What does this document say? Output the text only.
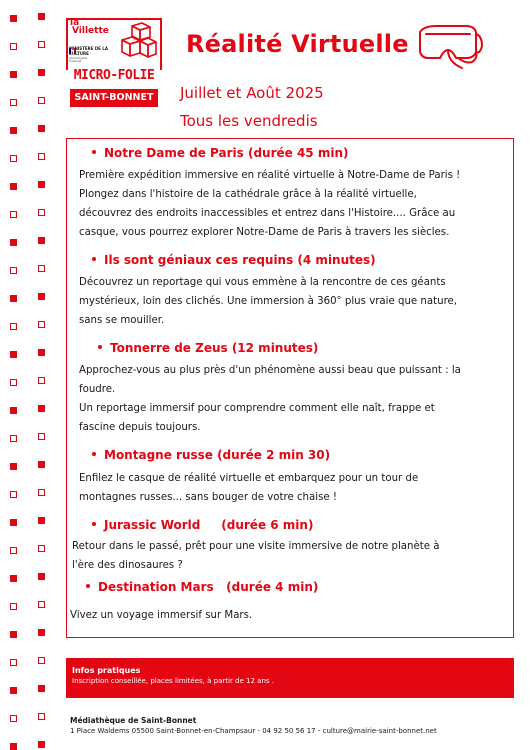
la
Villette
MINISTÈRE DE LA CULTURE
Liberté Égalité Fraternité
MICRO-FOLIE
SAINT-BONNET
Réalité Virtuelle
Juillet et Août 2025
Tous les vendredis
Notre Dame de Paris (durée 45 min)
Première expédition immersive en réalité virtuelle à Notre-Dame de Paris !
Plongez dans l'histoire de la cathédrale grâce à la réalité virtuelle,
découvrez des endroits inaccessibles et entrez dans l'Histoire.... Grâce au
casque, vous pourrez explorer Notre-Dame de Paris à travers les siècles.
Ils sont géniaux ces requins (4 minutes)
Découvrez un reportage qui vous emmène à la rencontre de ces géants
mystérieux, loin des clichés. Une immersion à 360° plus vraie que nature,
sans se mouiller.
Tonnerre de Zeus (12 minutes)
Approchez-vous au plus près d'un phénomène aussi beau que puissant : la
foudre.
Un reportage immersif pour comprendre comment elle naît, frappe et
fascine depuis toujours.
Montagne russe (durée 2 min 30)
Enfilez le casque de réalité virtuelle et embarquez pour un tour de
montagnes russes... sans bouger de votre chaise !
Jurassic World     (durée 6 min)
Retour dans le passé, prêt pour une visite immersive de notre planète à
l'ère des dinosaures ?
Destination Mars   (durée 4 min)
Vivez un voyage immersif sur Mars.
Infos pratiques
Inscription conseillée, places limitées, à partir de 12 ans .
Médiathèque de Saint-Bonnet
1 Place Waldems 05500 Saint-Bonnet-en-Champsaur - 04 92 50 56 17 - culture@mairie-saint-bonnet.net
